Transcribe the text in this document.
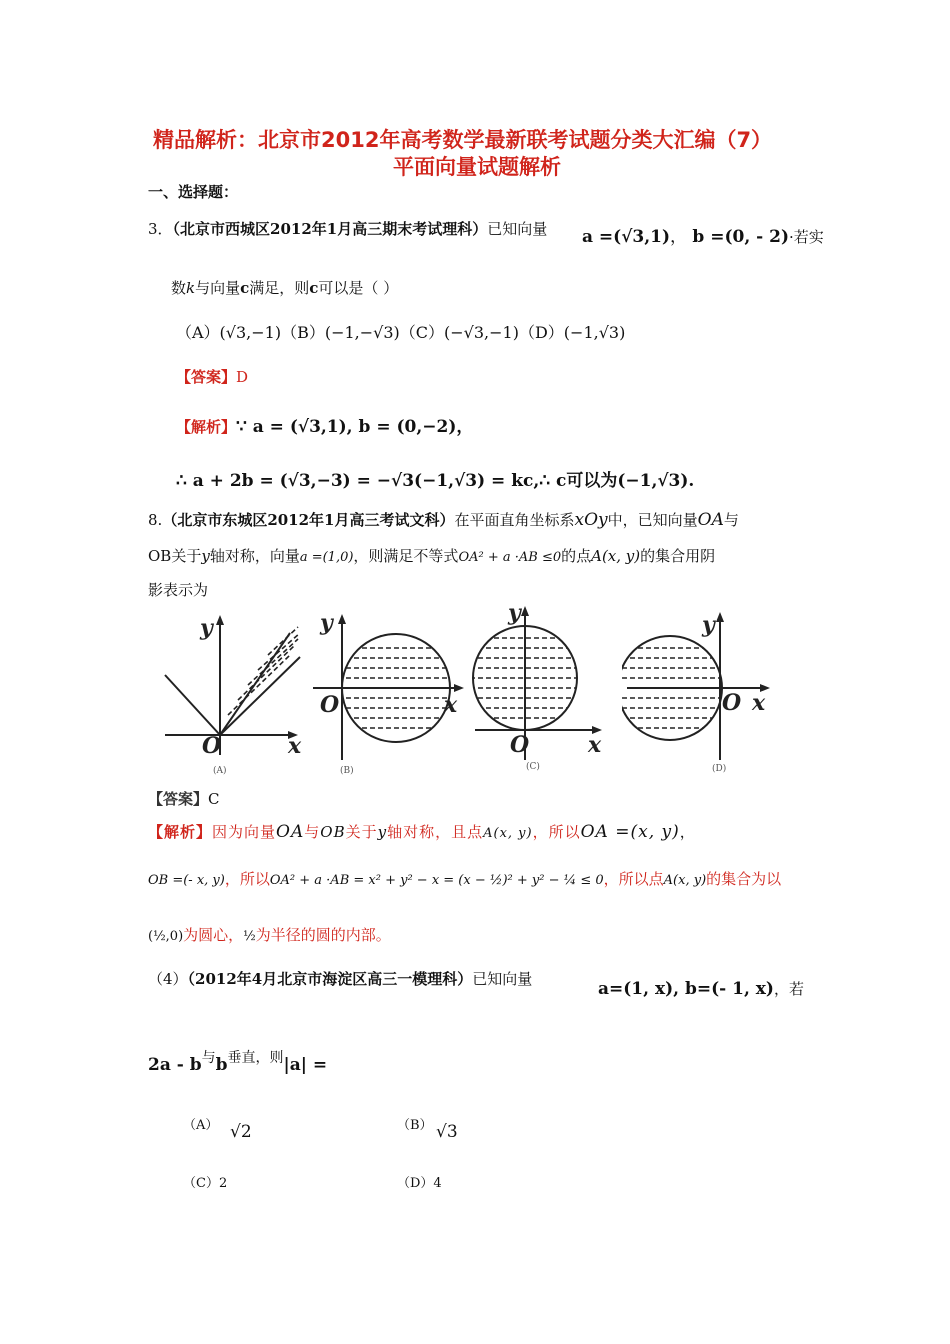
精品解析：北京市2012年高考数学最新联考试题分类大汇编（7）
平面向量试题解析
一、选择题：
3．（北京市西城区2012年1月高三期末考试理科）已知向量 a =(√3,1)， b =(0, - 2)·若实
数k与向量c满足，则c可以是（ ）
（A）(√3,−1)（B）(−1,−√3)（C）(−√3,−1)（D）(−1,√3)
【答案】D
【解析】∵ a = (√3,1), b = (0,−2)，
∴ a + 2b = (√3,−3) = −√3(−1,√3) = kc,∴ c可以为(−1,√3).
8.（北京市东城区2012年1月高三考试文科）在平面直角坐标系xOy中，已知向量OA与
OB关于y轴对称，向量a =(1,0)，则满足不等式OA² + a ·AB ≤0的点A(x, y)的集合用阴
影表示为
y
x
O
(A)
y
x
O
(B)
y
x
O
(C)
y
x
O
(D)
【答案】C
【解析】因为向量OA与OB关于y轴对称，且点A(x, y)，所以OA =(x, y)，
OB =(- x, y)，所以OA² + a ·AB = x² + y² − x = (x − ½)² + y² − ¼ ≤ 0，所以点A(x, y)的集合为以
(½,0)为圆心，½为半径的圆的内部。
（4）（2012年4月北京市海淀区高三一模理科）已知向量	a=(1, x), b=(- 1, x)，若
$2a - b^与b^{垂直,则}|a|$ =
（A） √2	（B） √3
（C）2	（D）4
